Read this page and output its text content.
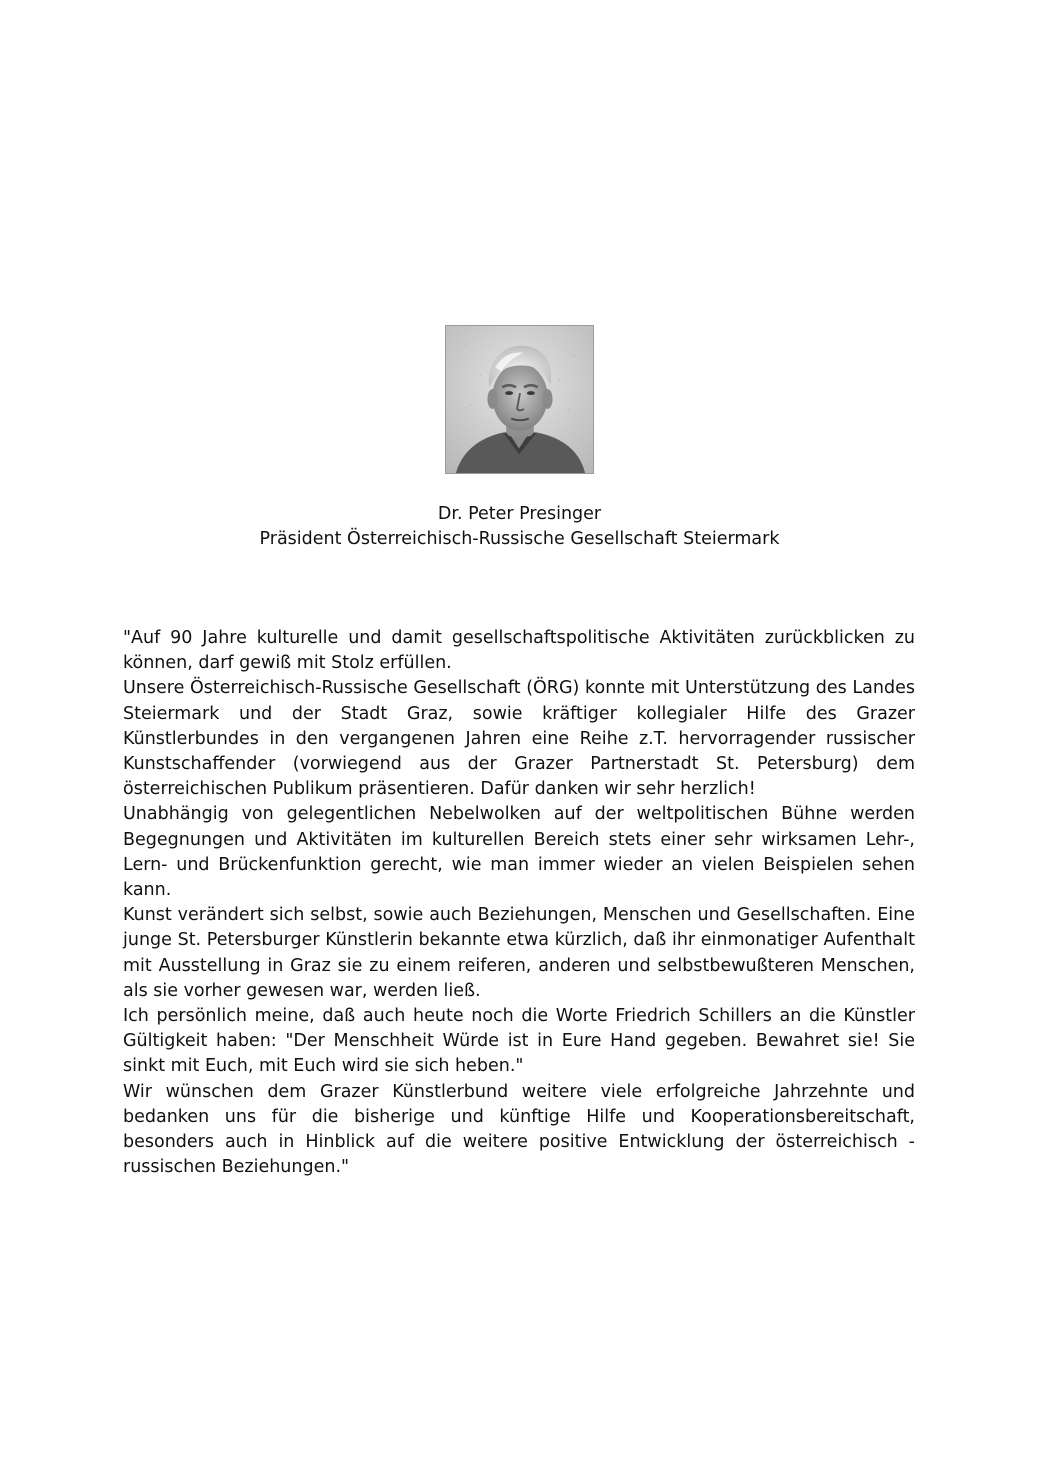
Dr. Peter Presinger
Präsident Österreichisch-Russische Gesellschaft Steiermark

"Auf 90 Jahre kulturelle und damit gesellschaftspolitische Aktivitäten zurückblicken zu können, darf gewiß mit Stolz erfüllen.

Unsere Österreichisch-Russische Gesellschaft (ÖRG) konnte mit Unterstützung des Landes Steiermark und der Stadt Graz, sowie kräftiger kollegialer Hilfe des Grazer Künstlerbundes in den vergangenen Jahren eine Reihe z.T. hervorragender russischer Kunstschaffender (vorwiegend aus der Grazer Partnerstadt St. Petersburg) dem österreichischen Publikum präsentieren. Dafür danken wir sehr herzlich!

Unabhängig von gelegentlichen Nebelwolken auf der weltpolitischen Bühne werden Begegnungen und Aktivitäten im kulturellen Bereich stets einer sehr wirksamen Lehr-, Lern- und Brückenfunktion gerecht, wie man immer wieder an vielen Beispielen sehen kann.

Kunst verändert sich selbst, sowie auch Beziehungen, Menschen und Gesellschaften. Eine junge St. Petersburger Künstlerin bekannte etwa kürzlich, daß ihr einmonatiger Aufenthalt mit Ausstellung in Graz sie zu einem reiferen, anderen und selbstbewußteren Menschen, als sie vorher gewesen war, werden ließ.

Ich persönlich meine, daß auch heute noch die Worte Friedrich Schillers an die Künstler Gültigkeit haben: "Der Menschheit Würde ist in Eure Hand gegeben. Bewahret sie! Sie sinkt mit Euch, mit Euch wird sie sich heben."

Wir wünschen dem Grazer Künstlerbund weitere viele erfolgreiche Jahrzehnte und bedanken uns für die bisherige und künftige Hilfe und Kooperationsbereitschaft, besonders auch in Hinblick auf die weitere positive Entwicklung der österreichisch - russischen Beziehungen."
